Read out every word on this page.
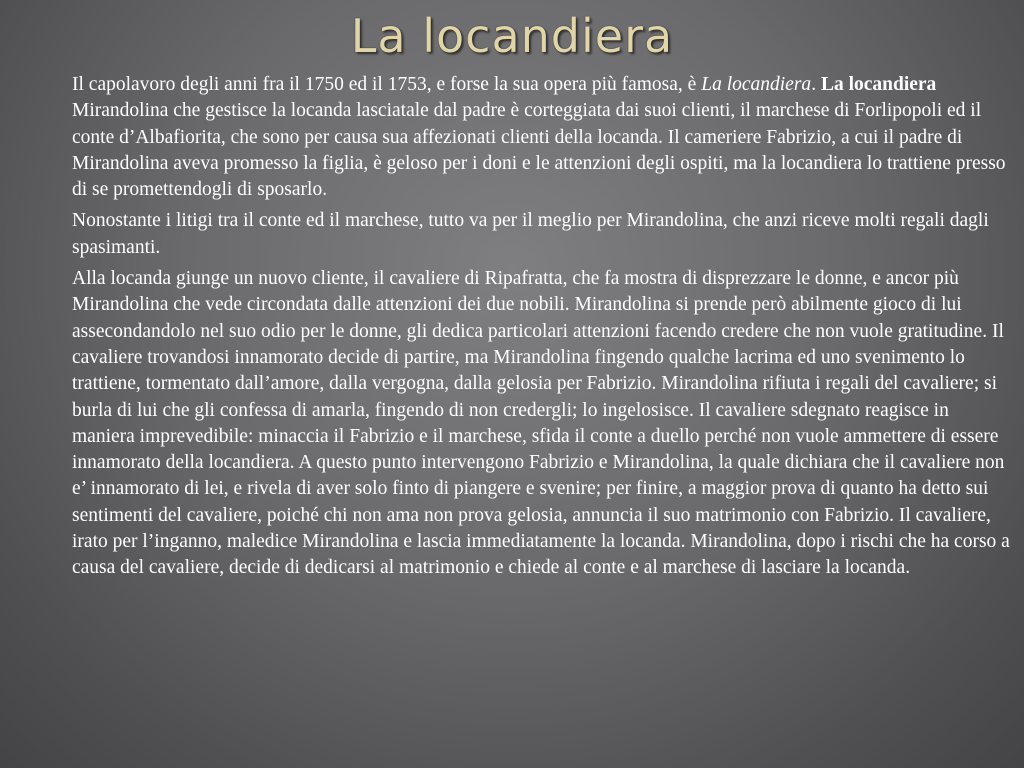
La locandiera

Il capolavoro degli anni fra il 1750 ed il 1753, e forse la sua opera più famosa, è La locandiera. La locandiera Mirandolina che gestisce la locanda lasciatale dal padre è corteggiata dai suoi clienti, il marchese di Forlipopoli ed il conte d’Albafiorita, che sono per causa sua affezionati clienti della locanda. Il cameriere Fabrizio, a cui il padre di Mirandolina aveva promesso la figlia, è geloso per i doni e le attenzioni degli ospiti, ma la locandiera lo trattiene presso di se promettendogli di sposarlo.

Nonostante i litigi tra il conte ed il marchese, tutto va per il meglio per Mirandolina, che anzi riceve molti regali dagli spasimanti.

Alla locanda giunge un nuovo cliente, il cavaliere di Ripafratta, che fa mostra di disprezzare le donne, e ancor più Mirandolina che vede circondata dalle attenzioni dei due nobili. Mirandolina si prende però abilmente gioco di lui assecondandolo nel suo odio per le donne, gli dedica particolari attenzioni facendo credere che non vuole gratitudine. Il cavaliere trovandosi innamorato decide di partire, ma Mirandolina fingendo qualche lacrima ed uno svenimento lo trattiene, tormentato dall’amore, dalla vergogna, dalla gelosia per Fabrizio. Mirandolina rifiuta i regali del cavaliere; si burla di lui che gli confessa di amarla, fingendo di non credergli; lo ingelosisce. Il cavaliere sdegnato reagisce in maniera imprevedibile: minaccia il Fabrizio e il marchese, sfida il conte a duello perché non vuole ammettere di essere innamorato della locandiera. A questo punto intervengono Fabrizio e Mirandolina, la quale dichiara che il cavaliere non e’ innamorato di lei, e rivela di aver solo finto di piangere e svenire; per finire, a maggior prova di quanto ha detto sui sentimenti del cavaliere, poiché chi non ama non prova gelosia, annuncia il suo matrimonio con Fabrizio. Il cavaliere, irato per l’inganno, maledice Mirandolina e lascia immediatamente la locanda. Mirandolina, dopo i rischi che ha corso a causa del cavaliere, decide di dedicarsi al matrimonio e chiede al conte e al marchese di lasciare la locanda.
